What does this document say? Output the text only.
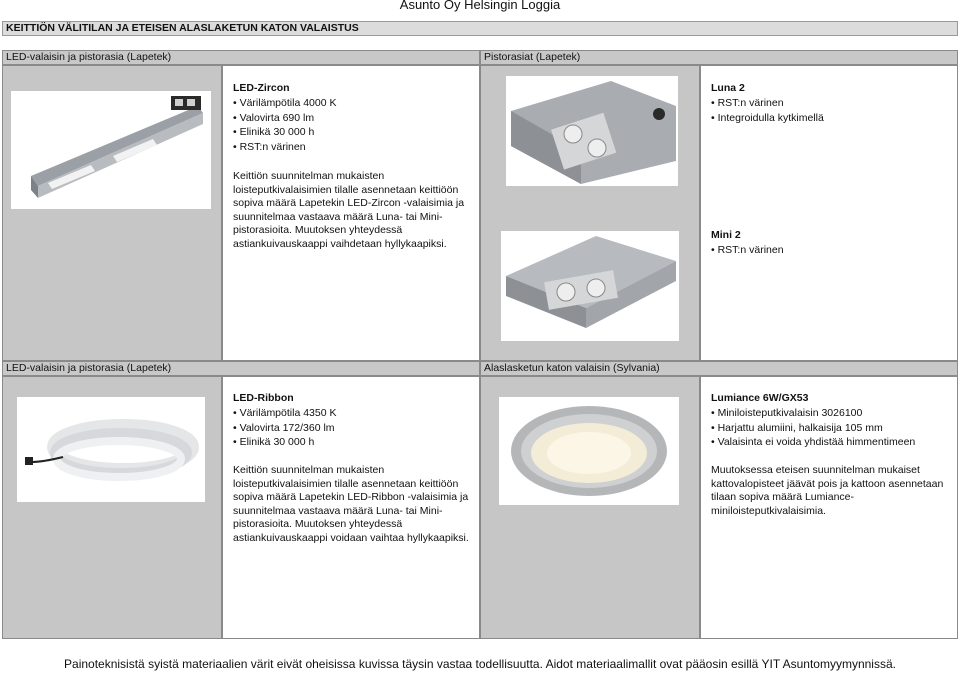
Asunto Oy Helsingin Loggia
KEITTIÖN VÄLITILAN JA ETEISEN ALASLAKETUN KATON VALAISTUS
LED-valaisin ja pistorasia (Lapetek)	Pistorasiat (Lapetek)
LED-Zircon
• Värilämpötila 4000 K
• Valovirta 690 lm
• Elinikä 30 000 h
• RST:n värinen
Keittiön suunnitelman mukaisten loisteputkivalaisimien tilalle asennetaan keittiöön sopiva määrä Lapetekin LED-Zircon -valaisimia ja suunnitelmaa vastaava määrä Luna- tai Mini-pistorasioita. Muutoksen yhteydessä astiankuivauskaappi vaihdetaan hyllykaapiksi.
Luna 2
• RST:n värinen
• Integroidulla kytkimellä
Mini 2
• RST:n värinen
LED-valaisin ja pistorasia (Lapetek)	Alaslasketun katon valaisin (Sylvania)
LED-Ribbon
• Värilämpötila 4350 K
• Valovirta 172/360 lm
• Elinikä 30 000 h
Keittiön suunnitelman mukaisten loisteputkivalaisimien tilalle asennetaan keittiöön sopiva määrä Lapetekin LED-Ribbon -valaisimia ja suunnitelmaa vastaava määrä Luna- tai Mini-pistorasioita. Muutoksen yhteydessä astiankuivauskaappi voidaan vaihtaa hyllykaapiksi.
Lumiance 6W/GX53
• Miniloisteputkivalaisin 3026100
• Harjattu alumiini, halkaisija 105 mm
• Valaisinta ei voida yhdistää himmentimeen
Muutoksessa eteisen suunnitelman mukaiset kattovalopisteet jäävät pois ja kattoon asennetaan tilaan sopiva määrä Lumiance-miniloisteputkivalaisimia.
Painoteknisistä syistä materiaalien värit eivät oheisissa kuvissa täysin vastaa todellisuutta. Aidot materiaalimallit ovat pääosin esillä YIT Asuntomyymynnissä.
